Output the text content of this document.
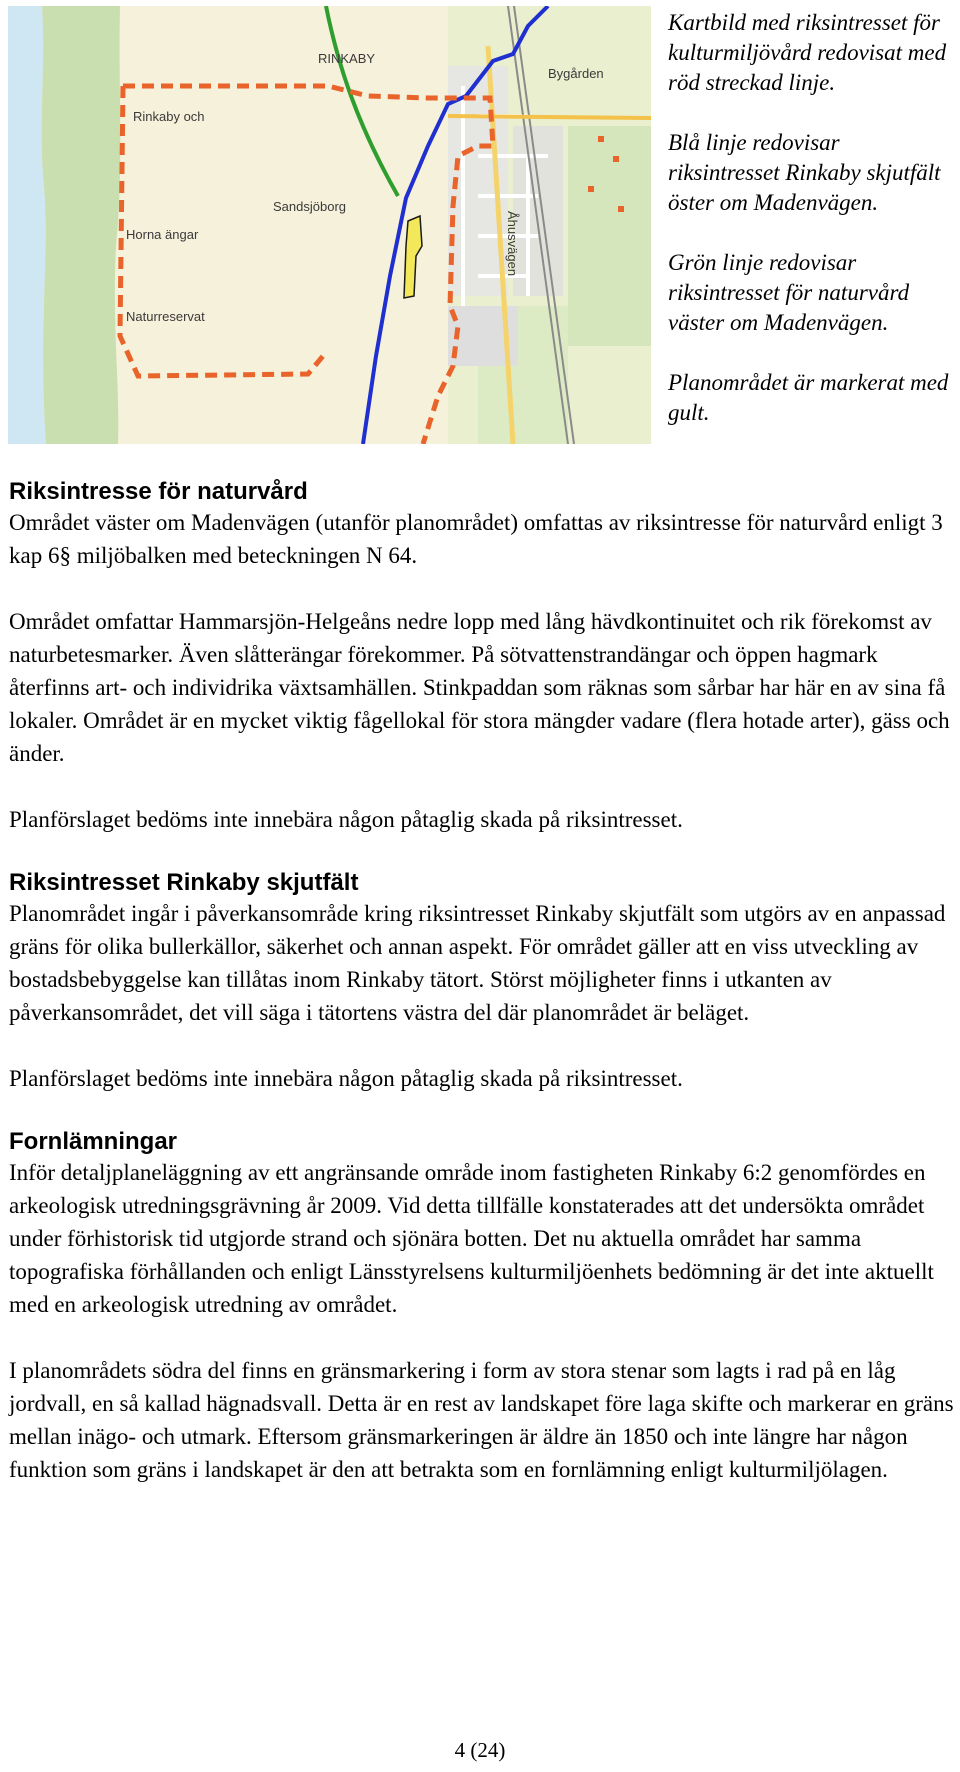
RINKABY
Bygården
Rinkaby och
Sandsjöborg
Horna ängar	Åhusvägen
Naturreservat

Kartbild med riksintresset för kulturmiljövård redovisat med röd streckad linje.

Blå linje redovisar riksintresset Rinkaby skjutfält öster om Madenvägen.

Grön linje redovisar riksintresset för naturvård väster om Madenvägen.

Planområdet är markerat med gult.

Riksintresse för naturvård

Området väster om Madenvägen (utanför planområdet) omfattas av riksintresse för naturvård enligt 3 kap 6§ miljöbalken med beteckningen N 64.

Området omfattar Hammarsjön-Helgeåns nedre lopp med lång hävdkontinuitet och rik förekomst av naturbetesmarker. Även slåtterängar förekommer. På sötvattenstrandängar och öppen hagmark återfinns art- och individrika växtsamhällen. Stinkpaddan som räknas som sårbar har här en av sina få lokaler. Området är en mycket viktig fågellokal för stora mängder vadare (flera hotade arter), gäss och änder.

Planförslaget bedöms inte innebära någon påtaglig skada på riksintresset.

Riksintresset Rinkaby skjutfält

Planområdet ingår i påverkansområde kring riksintresset Rinkaby skjutfält som utgörs av en anpassad gräns för olika bullerkällor, säkerhet och annan aspekt. För området gäller att en viss utveckling av bostadsbebyggelse kan tillåtas inom Rinkaby tätort. Störst möjligheter finns i utkanten av påverkansområdet, det vill säga i tätortens västra del där planområdet är beläget.

Planförslaget bedöms inte innebära någon påtaglig skada på riksintresset.

Fornlämningar

Inför detaljplaneläggning av ett angränsande område inom fastigheten Rinkaby 6:2 genomfördes en arkeologisk utredningsgrävning år 2009. Vid detta tillfälle konstaterades att det undersökta området under förhistorisk tid utgjorde strand och sjönära botten. Det nu aktuella området har samma topografiska förhållanden och enligt Länsstyrelsens kulturmiljöenhets bedömning är det inte aktuellt med en arkeologisk utredning av området.

I planområdets södra del finns en gränsmarkering i form av stora stenar som lagts i rad på en låg jordvall, en så kallad hägnadsvall. Detta är en rest av landskapet före laga skifte och markerar en gräns mellan inägo- och utmark. Eftersom gränsmarkeringen är äldre än 1850 och inte längre har någon funktion som gräns i landskapet är den att betrakta som en fornlämning enligt kulturmiljölagen.

4 (24)
